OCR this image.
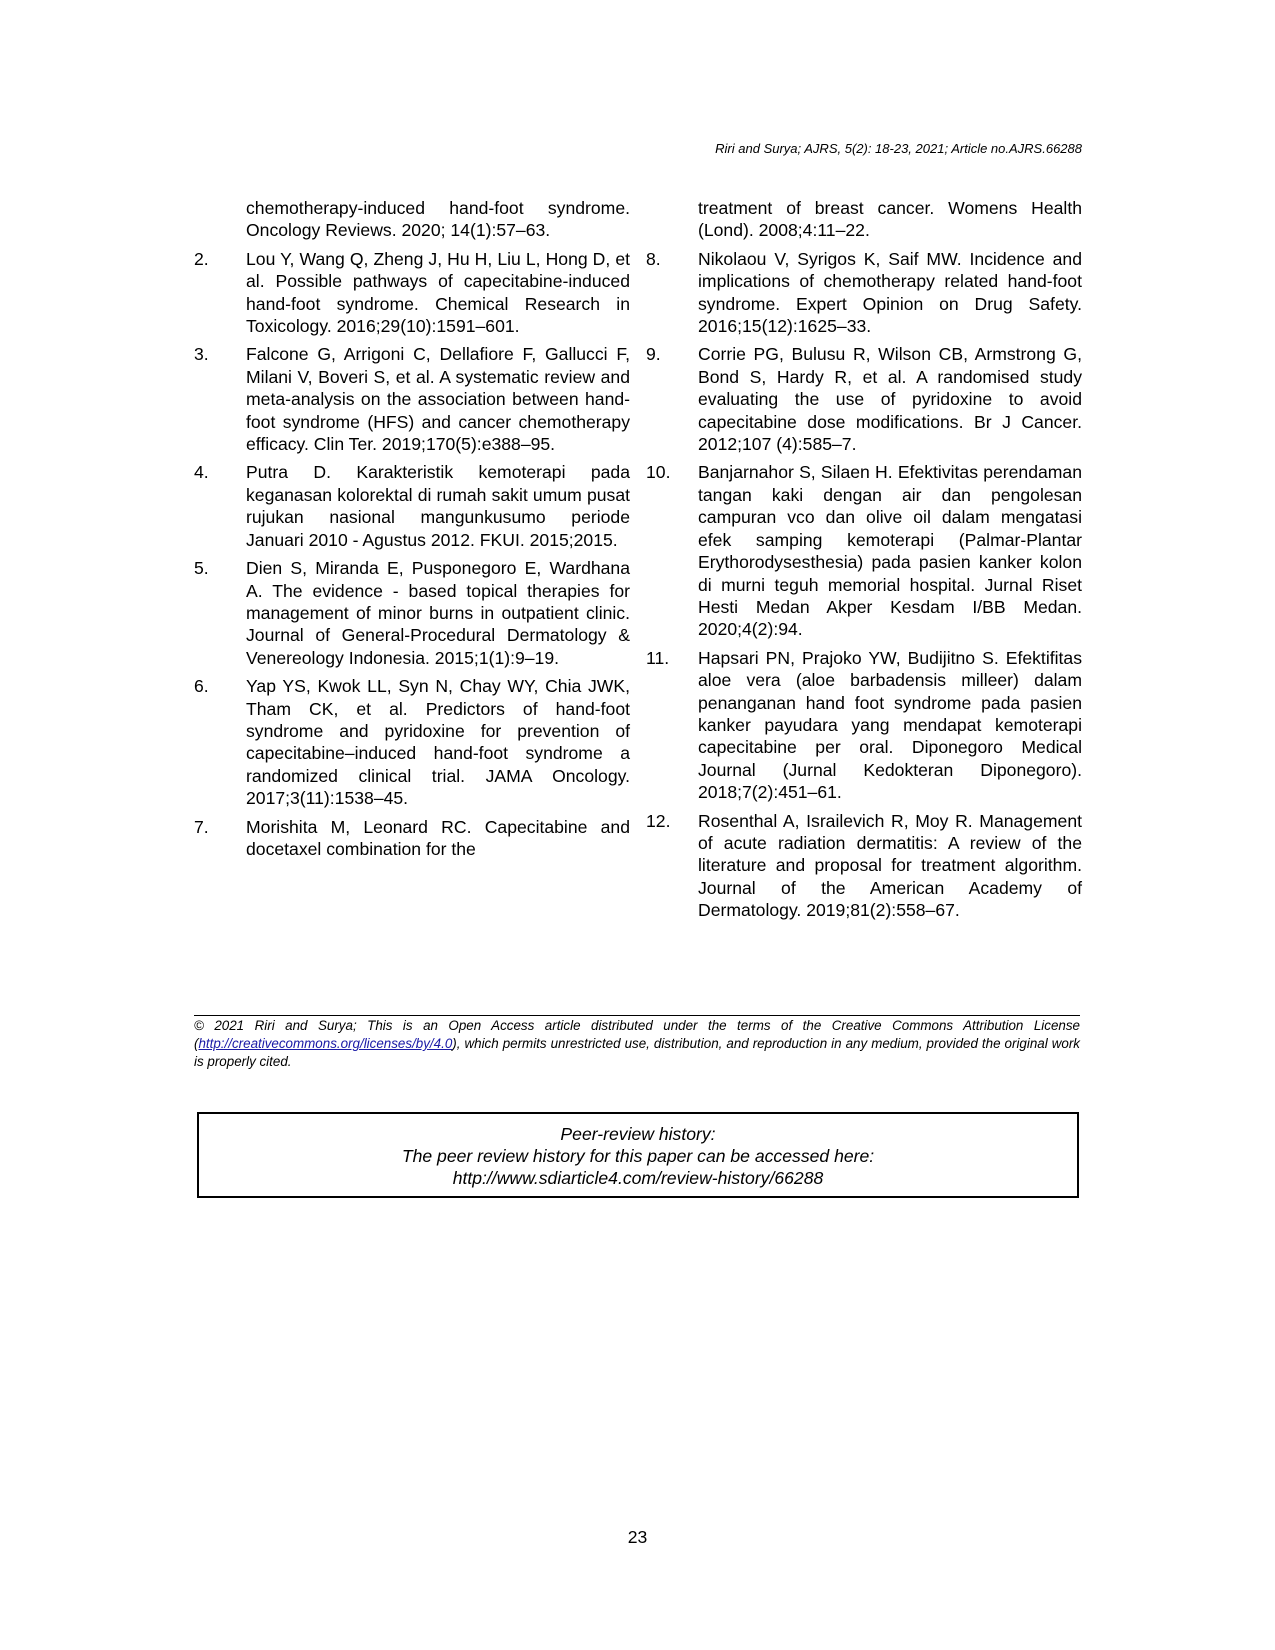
Riri and Surya; AJRS, 5(2): 18-23, 2021; Article no.AJRS.66288
chemotherapy-induced hand-foot syndrome. Oncology Reviews. 2020; 14(1):57–63.
2.	Lou Y, Wang Q, Zheng J, Hu H, Liu L, Hong D, et al. Possible pathways of capecitabine-induced hand-foot syndrome. Chemical Research in Toxicology. 2016;29(10):1591–601.
3.	Falcone G, Arrigoni C, Dellafiore F, Gallucci F, Milani V, Boveri S, et al. A systematic review and meta-analysis on the association between hand-foot syndrome (HFS) and cancer chemotherapy efficacy. Clin Ter. 2019;170(5):e388–95.
4.	Putra D. Karakteristik kemoterapi pada keganasan kolorektal di rumah sakit umum pusat rujukan nasional mangunkusumo periode Januari 2010 - Agustus 2012. FKUI. 2015;2015.
5.	Dien S, Miranda E, Pusponegoro E, Wardhana A. The evidence - based topical therapies for management of minor burns in outpatient clinic. Journal of General-Procedural Dermatology & Venereology Indonesia. 2015;1(1):9–19.
6.	Yap YS, Kwok LL, Syn N, Chay WY, Chia JWK, Tham CK, et al. Predictors of hand-foot syndrome and pyridoxine for prevention of capecitabine–induced hand-foot syndrome a randomized clinical trial. JAMA Oncology. 2017;3(11):1538–45.
7.	Morishita M, Leonard RC. Capecitabine and docetaxel combination for the
treatment of breast cancer. Womens Health (Lond). 2008;4:11–22.
8.	Nikolaou V, Syrigos K, Saif MW. Incidence and implications of chemotherapy related hand-foot syndrome. Expert Opinion on Drug Safety. 2016;15(12):1625–33.
9.	Corrie PG, Bulusu R, Wilson CB, Armstrong G, Bond S, Hardy R, et al. A randomised study evaluating the use of pyridoxine to avoid capecitabine dose modifications. Br J Cancer. 2012;107 (4):585–7.
10.	Banjarnahor S, Silaen H. Efektivitas perendaman tangan kaki dengan air dan pengolesan campuran vco dan olive oil dalam mengatasi efek samping kemoterapi (Palmar-Plantar Erythorodysesthesia) pada pasien kanker kolon di murni teguh memorial hospital. Jurnal Riset Hesti Medan Akper Kesdam I/BB Medan. 2020;4(2):94.
11.	Hapsari PN, Prajoko YW, Budijitno S. Efektifitas aloe vera (aloe barbadensis milleer) dalam penanganan hand foot syndrome pada pasien kanker payudara yang mendapat kemoterapi capecitabine per oral. Diponegoro Medical Journal (Jurnal Kedokteran Diponegoro). 2018;7(2):451–61.
12.	Rosenthal A, Israilevich R, Moy R. Management of acute radiation dermatitis: A review of the literature and proposal for treatment algorithm. Journal of the American Academy of Dermatology. 2019;81(2):558–67.
© 2021 Riri and Surya; This is an Open Access article distributed under the terms of the Creative Commons Attribution License (http://creativecommons.org/licenses/by/4.0), which permits unrestricted use, distribution, and reproduction in any medium, provided the original work is properly cited.
Peer-review history:
The peer review history for this paper can be accessed here:
http://www.sdiarticle4.com/review-history/66288
23
